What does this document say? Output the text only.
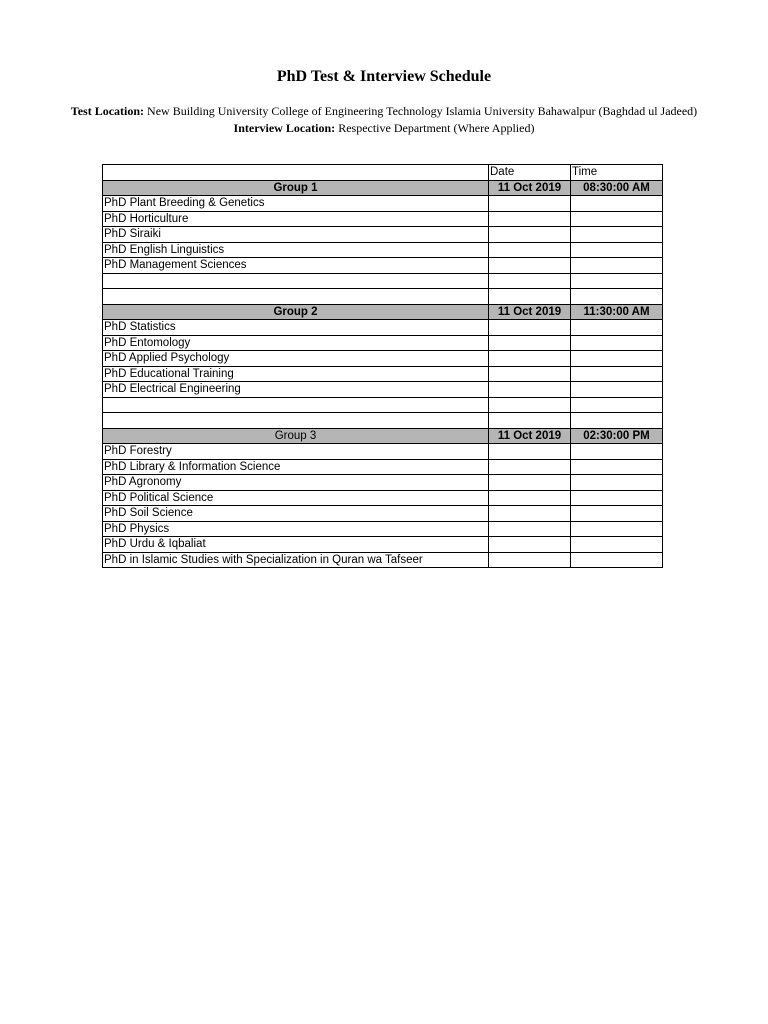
PhD Test & Interview Schedule
Test Location: New Building University College of Engineering Technology Islamia University Bahawalpur (Baghdad ul Jadeed)
Interview Location: Respective Department (Where Applied)
	Date	Time
Group 1	11 Oct 2019	08:30:00 AM
PhD Plant Breeding & Genetics		
PhD Horticulture		
PhD Siraiki		
PhD English Linguistics		
PhD Management Sciences		

Group 2	11 Oct 2019	11:30:00 AM
PhD Statistics		
PhD Entomology		
PhD Applied Psychology		
PhD Educational Training		
PhD Electrical Engineering		

Group 3	11 Oct 2019	02:30:00 PM
PhD Forestry		
PhD Library & Information Science		
PhD Agronomy		
PhD Political Science		
PhD Soil Science		
PhD Physics		
PhD Urdu & Iqbaliat		
PhD in Islamic Studies with Specialization in Quran wa Tafseer		
